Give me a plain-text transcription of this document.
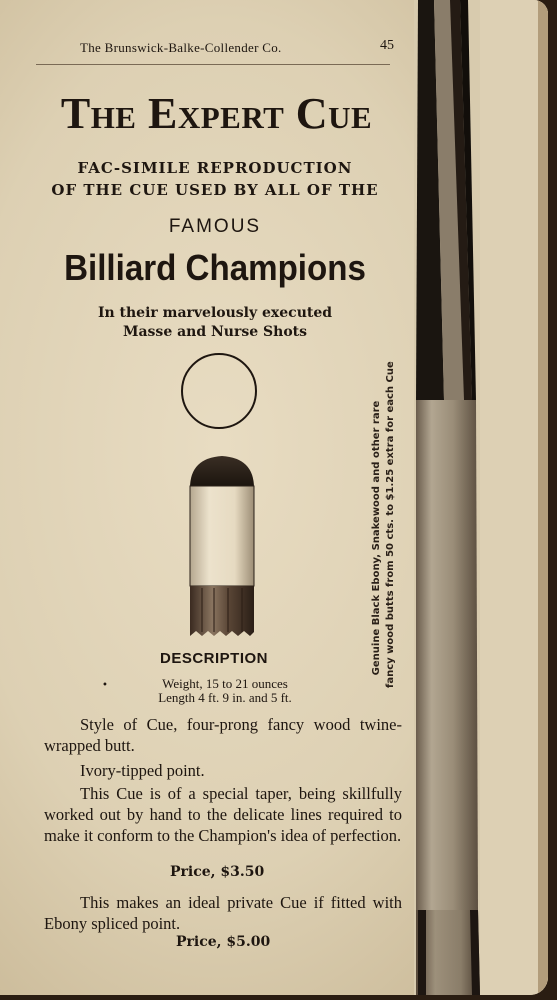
The Brunswick-Balke-Collender Co.	45
The Expert Cue
FAC-SIMILE REPRODUCTION
OF THE CUE USED BY ALL OF THE
FAMOUS
Billiard Champions
In their marvelously executed
Masse and Nurse Shots
Genuine Black Ebony, Snakewood and other rare fancy wood butts from 50 cts. to $1.25 extra for each Cue
DESCRIPTION
•	Weight, 15 to 21 ounces
Length 4 ft. 9 in. and 5 ft.
Style of Cue, four-prong fancy wood twine-wrapped butt.
Ivory-tipped point.
This Cue is of a special taper, being skillfully worked out by hand to the delicate lines required to make it conform to the Champion's idea of perfection.
Price, $3.50
This makes an ideal private Cue if fitted with Ebony spliced point.
Price, $5.00
